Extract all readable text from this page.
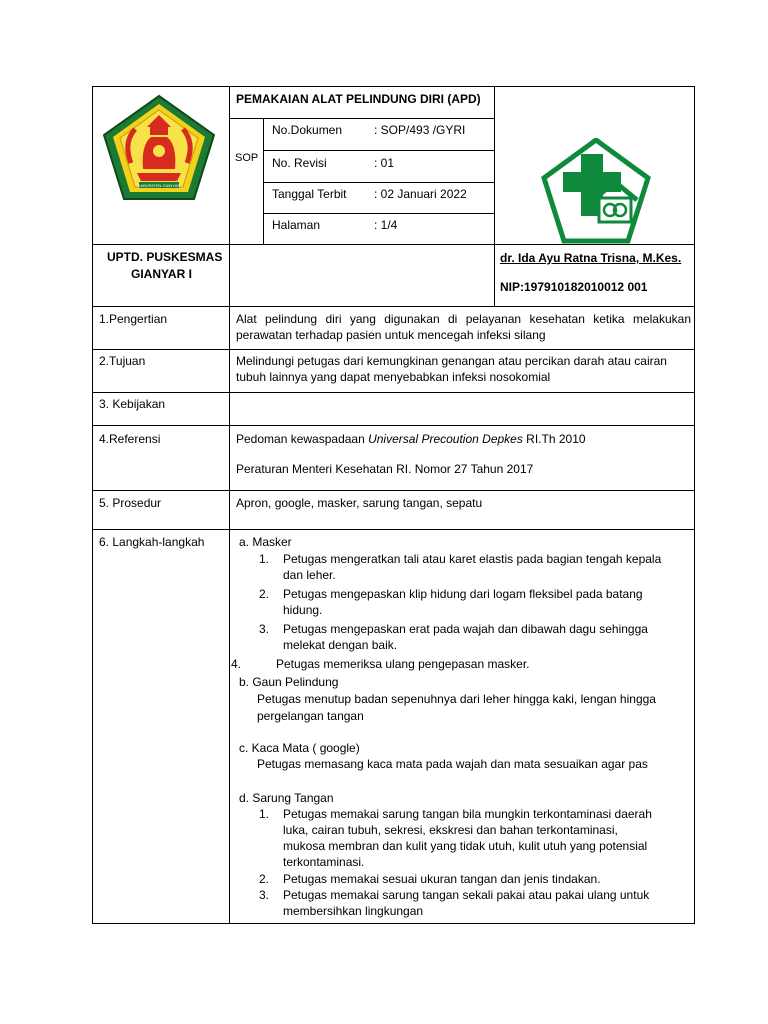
KABUPATEN GIANYAR
PEMAKAIAN ALAT PELINDUNG DIRI (APD)
SOP
No.Dokumen	: SOP/493 /GYRI
No. Revisi	: 01
Tanggal Terbit : 02 Januari 2022
Halaman	: 1/4
UPTD. PUSKESMAS
GIANYAR I
dr. Ida Ayu Ratna Trisna, M.Kes.
NIP:197910182010012 001
1.Pengertian	Alat pelindung diri yang digunakan di pelayanan kesehatan ketika melakukan perawatan terhadap pasien untuk mencegah infeksi silang
2.Tujuan	Melindungi petugas dari kemungkinan genangan atau percikan darah atau cairan tubuh lainnya yang dapat menyebabkan infeksi nosokomial
3. Kebijakan
4.Referensi	Pedoman kewaspadaan Universal Precoution Depkes RI.Th 2010
Peraturan Menteri Kesehatan RI. Nomor 27 Tahun 2017
5. Prosedur	Apron, google, masker, sarung tangan, sepatu
6. Langkah-langkah	a. Masker
1. Petugas mengeratkan tali atau karet elastis pada bagian tengah kepala
dan leher.
2. Petugas mengepaskan klip hidung dari logam fleksibel pada batang
hidung.
3. Petugas mengepaskan erat pada wajah dan dibawah dagu sehingga
melekat dengan baik.
4.	Petugas memeriksa ulang pengepasan masker.
b. Gaun Pelindung
Petugas menutup badan sepenuhnya dari leher hingga kaki, lengan hingga
pergelangan tangan
c. Kaca Mata ( google)
Petugas memasang kaca mata pada wajah dan mata sesuaikan agar pas
d. Sarung Tangan
1. Petugas memakai sarung tangan bila mungkin terkontaminasi daerah
luka, cairan tubuh, sekresi, ekskresi dan bahan terkontaminasi,
mukosa membran dan kulit yang tidak utuh, kulit utuh yang potensial
terkontaminasi.
2. Petugas memakai sesuai ukuran tangan dan jenis tindakan.
3. Petugas memakai sarung tangan sekali pakai atau pakai ulang untuk
membersihkan lingkungan
